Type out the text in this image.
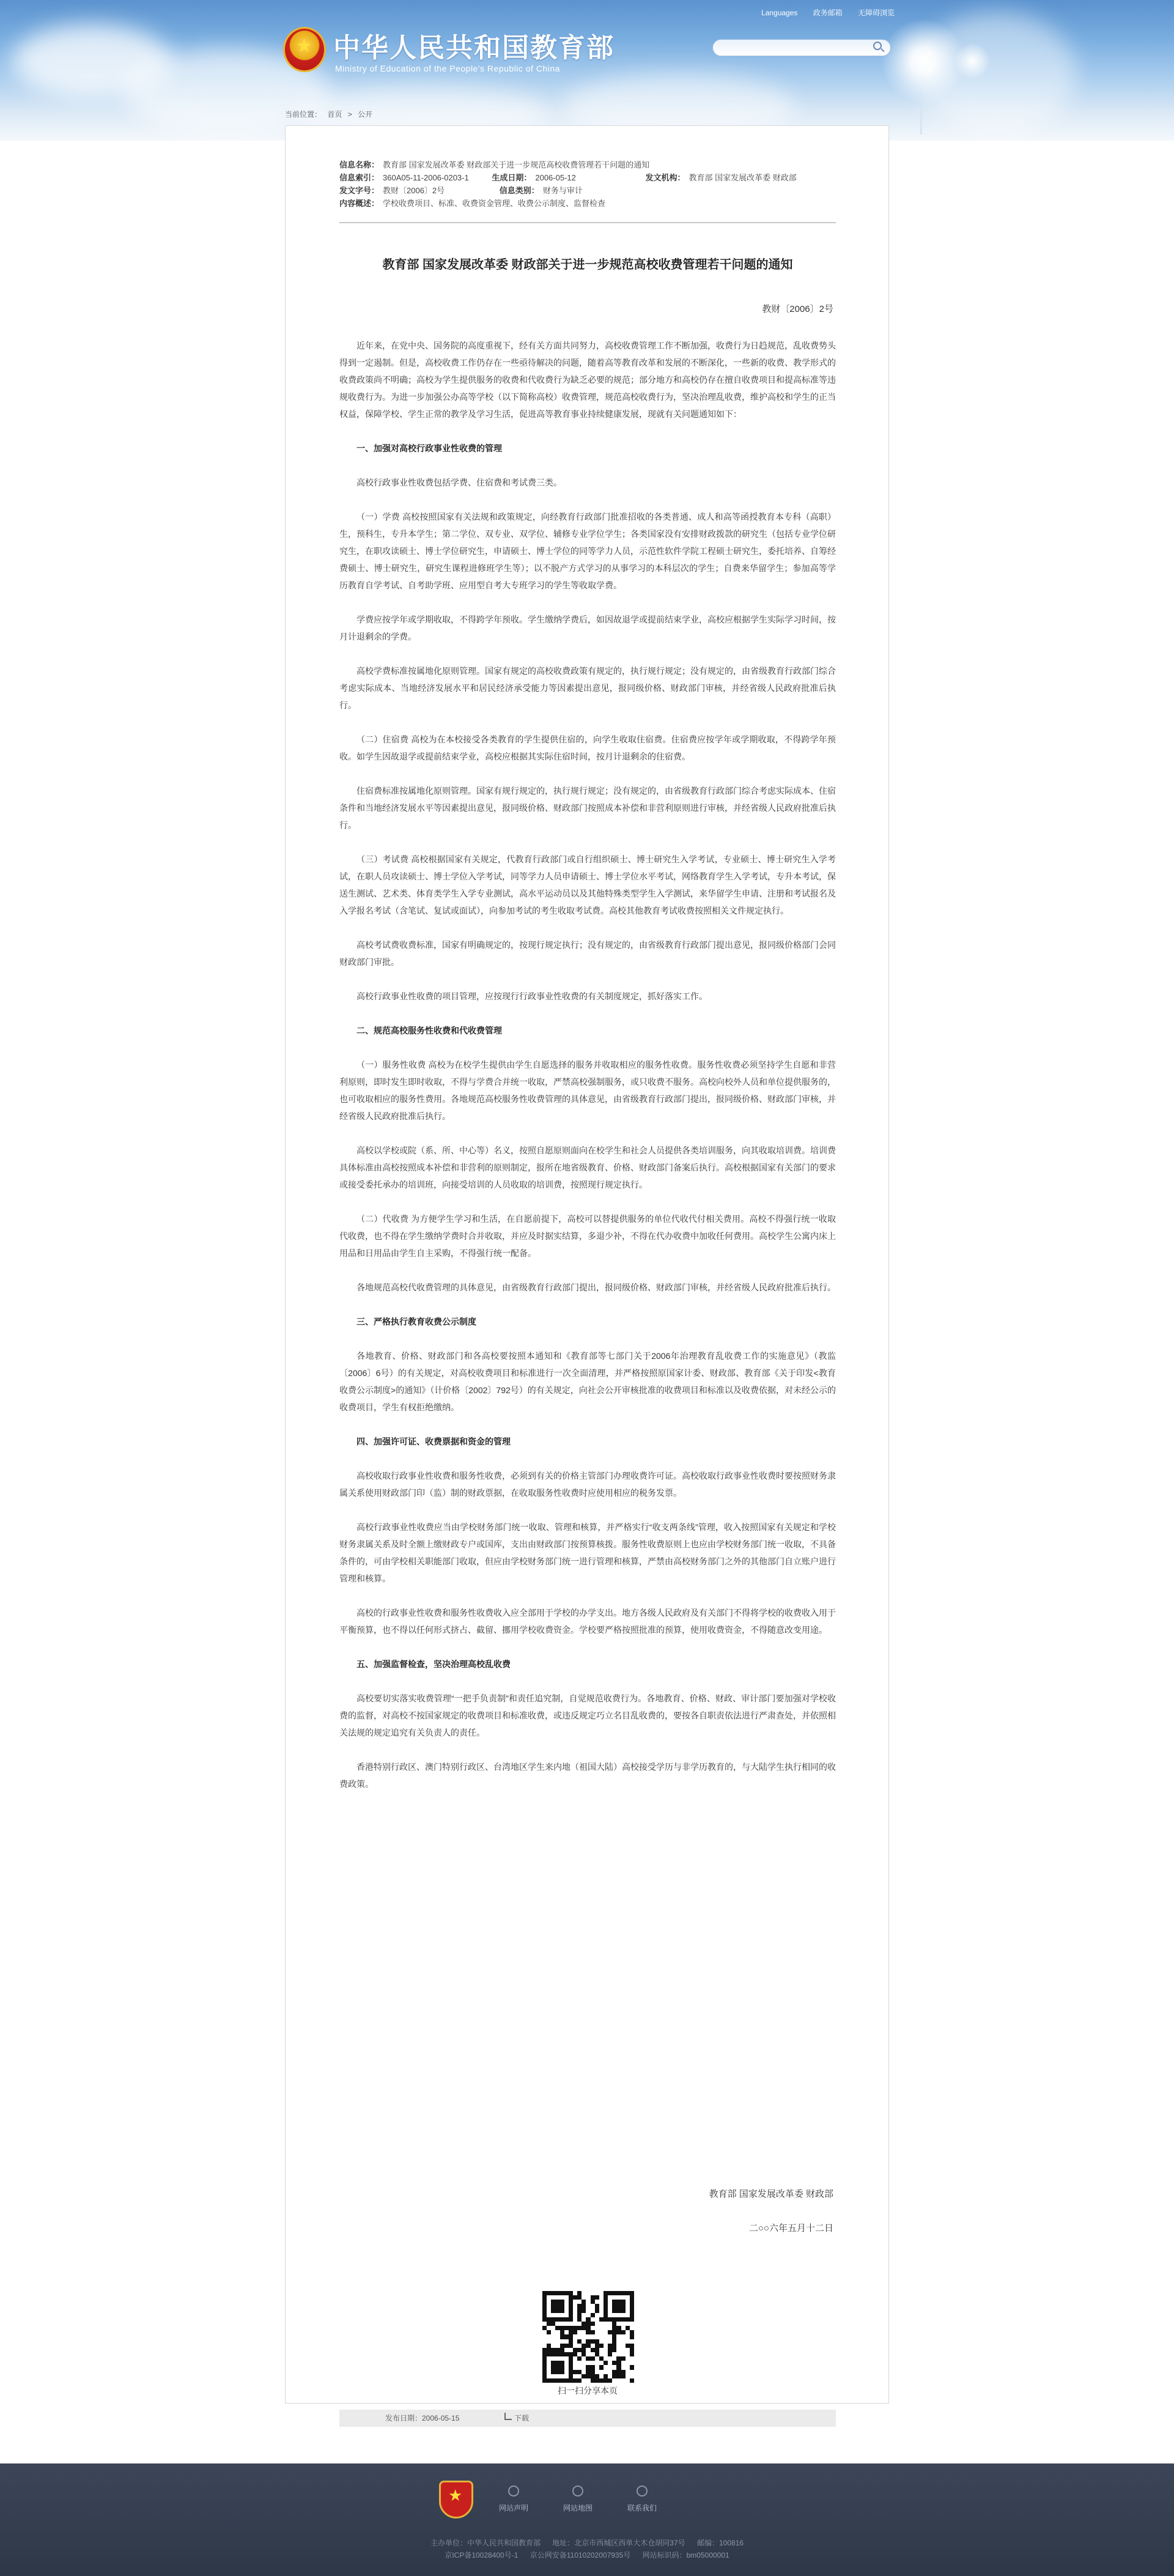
★ 中华人民共和国教育部
Ministry of Education of the People's Republic of China
Languages 政务邮箱 无障碍浏览
当前位置： 首页 > 公开
信息名称： 教育部 国家发展改革委 财政部关于进一步规范高校收费管理若干问题的通知
信息索引： 360A05-11-2006-0203-1	生成日期： 2006-05-12	发文机构： 教育部 国家发展改革委 财政部
发文字号： 教财〔2006〕2号	信息类别： 财务与审计
内容概述： 学校收费项目、标准、收费资金管理、收费公示制度、监督检查
教育部 国家发展改革委 财政部关于进一步规范高校收费管理若干问题的通知
教财〔2006〕2号

近年来，在党中央、国务院的高度重视下，经有关方面共同努力，高校收费管理工作不断加强，收费行为日趋规范，乱收费势头得到一定遏制。但是，高校收费工作仍存在一些亟待解决的问题，随着高等教育改革和发展的不断深化，一些新的收费、教学形式的收费政策尚不明确；高校为学生提供服务的收费和代收费行为缺乏必要的规范；部分地方和高校仍存在擅自收费项目和提高标准等违规收费行为。为进一步加强公办高等学校（以下简称高校）收费管理，规范高校收费行为，坚决治理乱收费，维护高校和学生的正当权益，保障学校、学生正常的教学及学习生活，促进高等教育事业持续健康发展，现就有关问题通知如下：

一、加强对高校行政事业性收费的管理

高校行政事业性收费包括学费、住宿费和考试费三类。

（一）学费 高校按照国家有关法规和政策规定，向经教育行政部门批准招收的各类普通、成人和高等函授教育本专科（高职）生，预科生，专升本学生；第二学位、双专业、双学位、辅修专业学位学生；各类国家没有安排财政拨款的研究生（包括专业学位研究生，在职攻读硕士、博士学位研究生，申请硕士、博士学位的同等学力人员，示范性软件学院工程硕士研究生，委托培养、自筹经费硕士、博士研究生，研究生课程进修班学生等）；以不脱产方式学习的从事学习的本科层次的学生；自费来华留学生；参加高等学历教育自学考试、自考助学班、应用型自考大专班学习的学生等收取学费。

学费应按学年或学期收取，不得跨学年预收。学生缴纳学费后，如因故退学或提前结束学业，高校应根据学生实际学习时间，按月计退剩余的学费。

高校学费标准按属地化原则管理。国家有规定的高校收费政策有规定的，执行规行规定；没有规定的，由省级教育行政部门综合考虑实际成本、当地经济发展水平和居民经济承受能力等因素提出意见，报同级价格、财政部门审核，并经省级人民政府批准后执行。

（二）住宿费 高校为在本校接受各类教育的学生提供住宿的，向学生收取住宿费。住宿费应按学年或学期收取，不得跨学年预收。如学生因故退学或提前结束学业，高校应根据其实际住宿时间，按月计退剩余的住宿费。

住宿费标准按属地化原则管理。国家有规行规定的，执行规行规定；没有规定的，由省级教育行政部门综合考虑实际成本、住宿条件和当地经济发展水平等因素提出意见，报同级价格、财政部门按照成本补偿和非营利原则进行审核，并经省级人民政府批准后执行。

（三）考试费 高校根据国家有关规定，代教育行政部门或自行组织硕士、博士研究生入学考试，专业硕士、博士研究生入学考试，在职人员攻读硕士、博士学位入学考试，同等学力人员申请硕士、博士学位水平考试，网络教育学生入学考试，专升本考试，保送生测试、艺术类、体育类学生入学专业测试，高水平运动员以及其他特殊类型学生入学测试，来华留学生申请、注册和考试报名及入学报名考试（含笔试、复试或面试），向参加考试的考生收取考试费。高校其他教育考试收费按照相关文件规定执行。

高校考试费收费标准，国家有明确规定的，按现行规定执行；没有规定的，由省级教育行政部门提出意见，报同级价格部门会同财政部门审批。

高校行政事业性收费的项目管理，应按现行行政事业性收费的有关制度规定，抓好落实工作。

二、规范高校服务性收费和代收费管理

（一）服务性收费 高校为在校学生提供由学生自愿选择的服务并收取相应的服务性收费。服务性收费必须坚持学生自愿和非营利原则，即时发生即时收取，不得与学费合并统一收取，严禁高校强制服务，或只收费不服务。高校向校外人员和单位提供服务的，也可收取相应的服务性费用。各地规范高校服务性收费管理的具体意见，由省级教育行政部门提出，报同级价格、财政部门审核，并经省级人民政府批准后执行。

高校以学校或院（系、所、中心等）名义，按照自愿原则面向在校学生和社会人员提供各类培训服务，向其收取培训费。培训费具体标准由高校按照成本补偿和非营利的原则制定，报所在地省级教育、价格、财政部门备案后执行。高校根据国家有关部门的要求或接受委托承办的培训班，向接受培训的人员收取的培训费，按照现行规定执行。

（二）代收费 为方便学生学习和生活，在自愿前提下，高校可以替提供服务的单位代收代付相关费用。高校不得强行统一收取代收费，也不得在学生缴纳学费时合并收取，并应及时据实结算，多退少补，不得在代办收费中加收任何费用。高校学生公寓内床上用品和日用品由学生自主采购，不得强行统一配备。

各地规范高校代收费管理的具体意见，由省级教育行政部门提出，报同级价格、财政部门审核，并经省级人民政府批准后执行。

三、严格执行教育收费公示制度

各地教育、价格、财政部门和各高校要按照本通知和《教育部等七部门关于2006年治理教育乱收费工作的实施意见》（教监〔2006〕6号）的有关规定，对高校收费项目和标准进行一次全面清理，并严格按照原国家计委、财政部、教育部《关于印发<教育收费公示制度>的通知》（计价格〔2002〕792号）的有关规定，向社会公开审核批准的收费项目和标准以及收费依据，对未经公示的收费项目，学生有权拒绝缴纳。

四、加强许可证、收费票据和资金的管理

高校收取行政事业性收费和服务性收费，必须到有关的价格主管部门办理收费许可证。高校收取行政事业性收费时要按照财务隶属关系使用财政部门印（监）制的财政票据，在收取服务性收费时应使用相应的税务发票。

高校行政事业性收费应当由学校财务部门统一收取、管理和核算，并严格实行“收支两条线”管理，收入按照国家有关规定和学校财务隶属关系及时全额上缴财政专户或国库，支出由财政部门按预算核拨。服务性收费原则上也应由学校财务部门统一收取，不具备条件的，可由学校相关职能部门收取，但应由学校财务部门统一进行管理和核算，严禁由高校财务部门之外的其他部门自立账户进行管理和核算。

高校的行政事业性收费和服务性收费收入应全部用于学校的办学支出。地方各级人民政府及有关部门不得将学校的收费收入用于平衡预算，也不得以任何形式挤占、截留、挪用学校收费资金。学校要严格按照批准的预算，使用收费资金，不得随意改变用途。

五、加强监督检查，坚决治理高校乱收费

高校要切实落实收费管理“一把手负责制”和责任追究制，自觉规范收费行为。各地教育、价格、财政、审计部门要加强对学校收费的监督，对高校不按国家规定的收费项目和标准收费，或违反规定巧立名目乱收费的，要按各自职责依法进行严肃查处，并依照相关法规的规定追究有关负责人的责任。

香港特别行政区、澳门特别行政区、台湾地区学生来内地（祖国大陆）高校接受学历与非学历教育的，与大陆学生执行相同的收费政策。

教育部 国家发展改革委 财政部
二○○六年五月十二日
扫一扫分享本页
发布日期：2006-05-15	下载
★
网站声明	网站地图	联系我们
主办单位：中华人民共和国教育部 地址：北京市西城区西单大木仓胡同37号 邮编：100816
京ICP备10028400号-1 京公网安备11010202007935号 网站标识码：bm05000001
